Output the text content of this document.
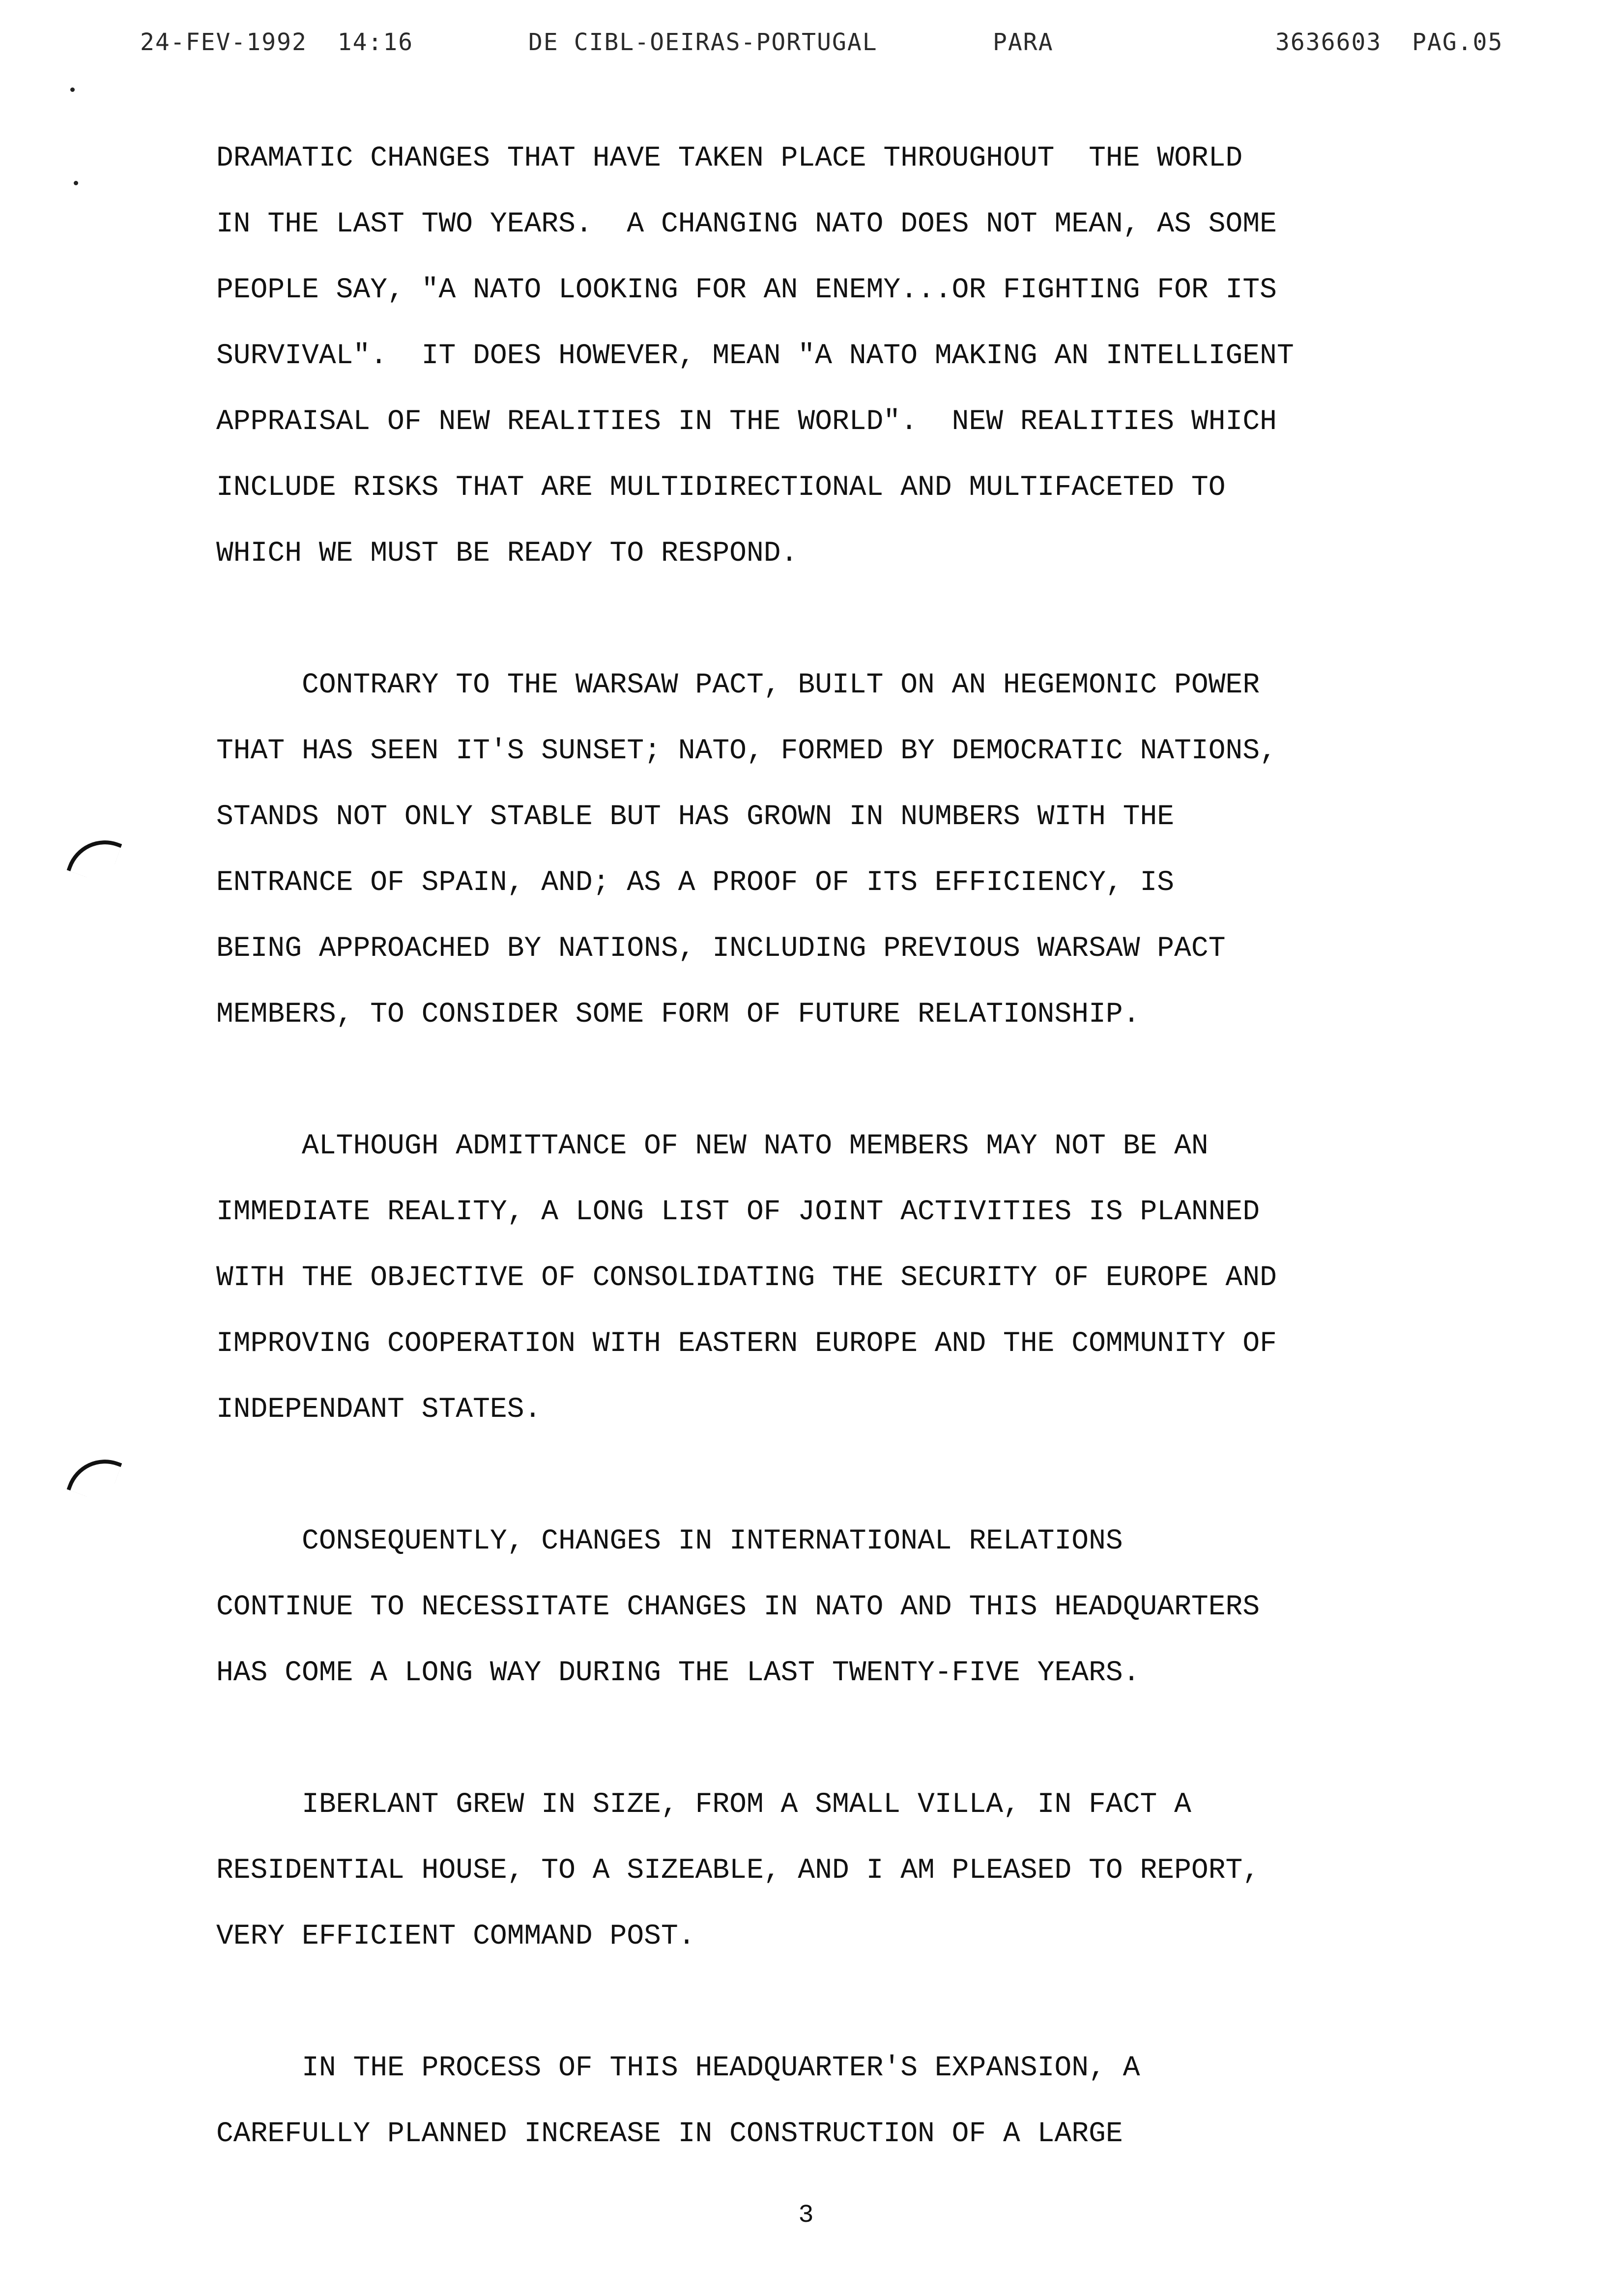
24-FEV-1992  14:16	DE CIBL-OEIRAS-PORTUGAL	PARA	3636603  PAG.05
DRAMATIC CHANGES THAT HAVE TAKEN PLACE THROUGHOUT  THE WORLD
IN THE LAST TWO YEARS.  A CHANGING NATO DOES NOT MEAN, AS SOME
PEOPLE SAY, "A NATO LOOKING FOR AN ENEMY...OR FIGHTING FOR ITS
SURVIVAL".  IT DOES HOWEVER, MEAN "A NATO MAKING AN INTELLIGENT
APPRAISAL OF NEW REALITIES IN THE WORLD".  NEW REALITIES WHICH
INCLUDE RISKS THAT ARE MULTIDIRECTIONAL AND MULTIFACETED TO
WHICH WE MUST BE READY TO RESPOND.
CONTRARY TO THE WARSAW PACT, BUILT ON AN HEGEMONIC POWER
THAT HAS SEEN IT'S SUNSET; NATO, FORMED BY DEMOCRATIC NATIONS,
STANDS NOT ONLY STABLE BUT HAS GROWN IN NUMBERS WITH THE
ENTRANCE OF SPAIN, AND; AS A PROOF OF ITS EFFICIENCY, IS
BEING APPROACHED BY NATIONS, INCLUDING PREVIOUS WARSAW PACT
MEMBERS, TO CONSIDER SOME FORM OF FUTURE RELATIONSHIP.
ALTHOUGH ADMITTANCE OF NEW NATO MEMBERS MAY NOT BE AN
IMMEDIATE REALITY, A LONG LIST OF JOINT ACTIVITIES IS PLANNED
WITH THE OBJECTIVE OF CONSOLIDATING THE SECURITY OF EUROPE AND
IMPROVING COOPERATION WITH EASTERN EUROPE AND THE COMMUNITY OF
INDEPENDANT STATES.
CONSEQUENTLY, CHANGES IN INTERNATIONAL RELATIONS
CONTINUE TO NECESSITATE CHANGES IN NATO AND THIS HEADQUARTERS
HAS COME A LONG WAY DURING THE LAST TWENTY-FIVE YEARS.
IBERLANT GREW IN SIZE, FROM A SMALL VILLA, IN FACT A
RESIDENTIAL HOUSE, TO A SIZEABLE, AND I AM PLEASED TO REPORT,
VERY EFFICIENT COMMAND POST.
IN THE PROCESS OF THIS HEADQUARTER'S EXPANSION, A
CAREFULLY PLANNED INCREASE IN CONSTRUCTION OF A LARGE
3
